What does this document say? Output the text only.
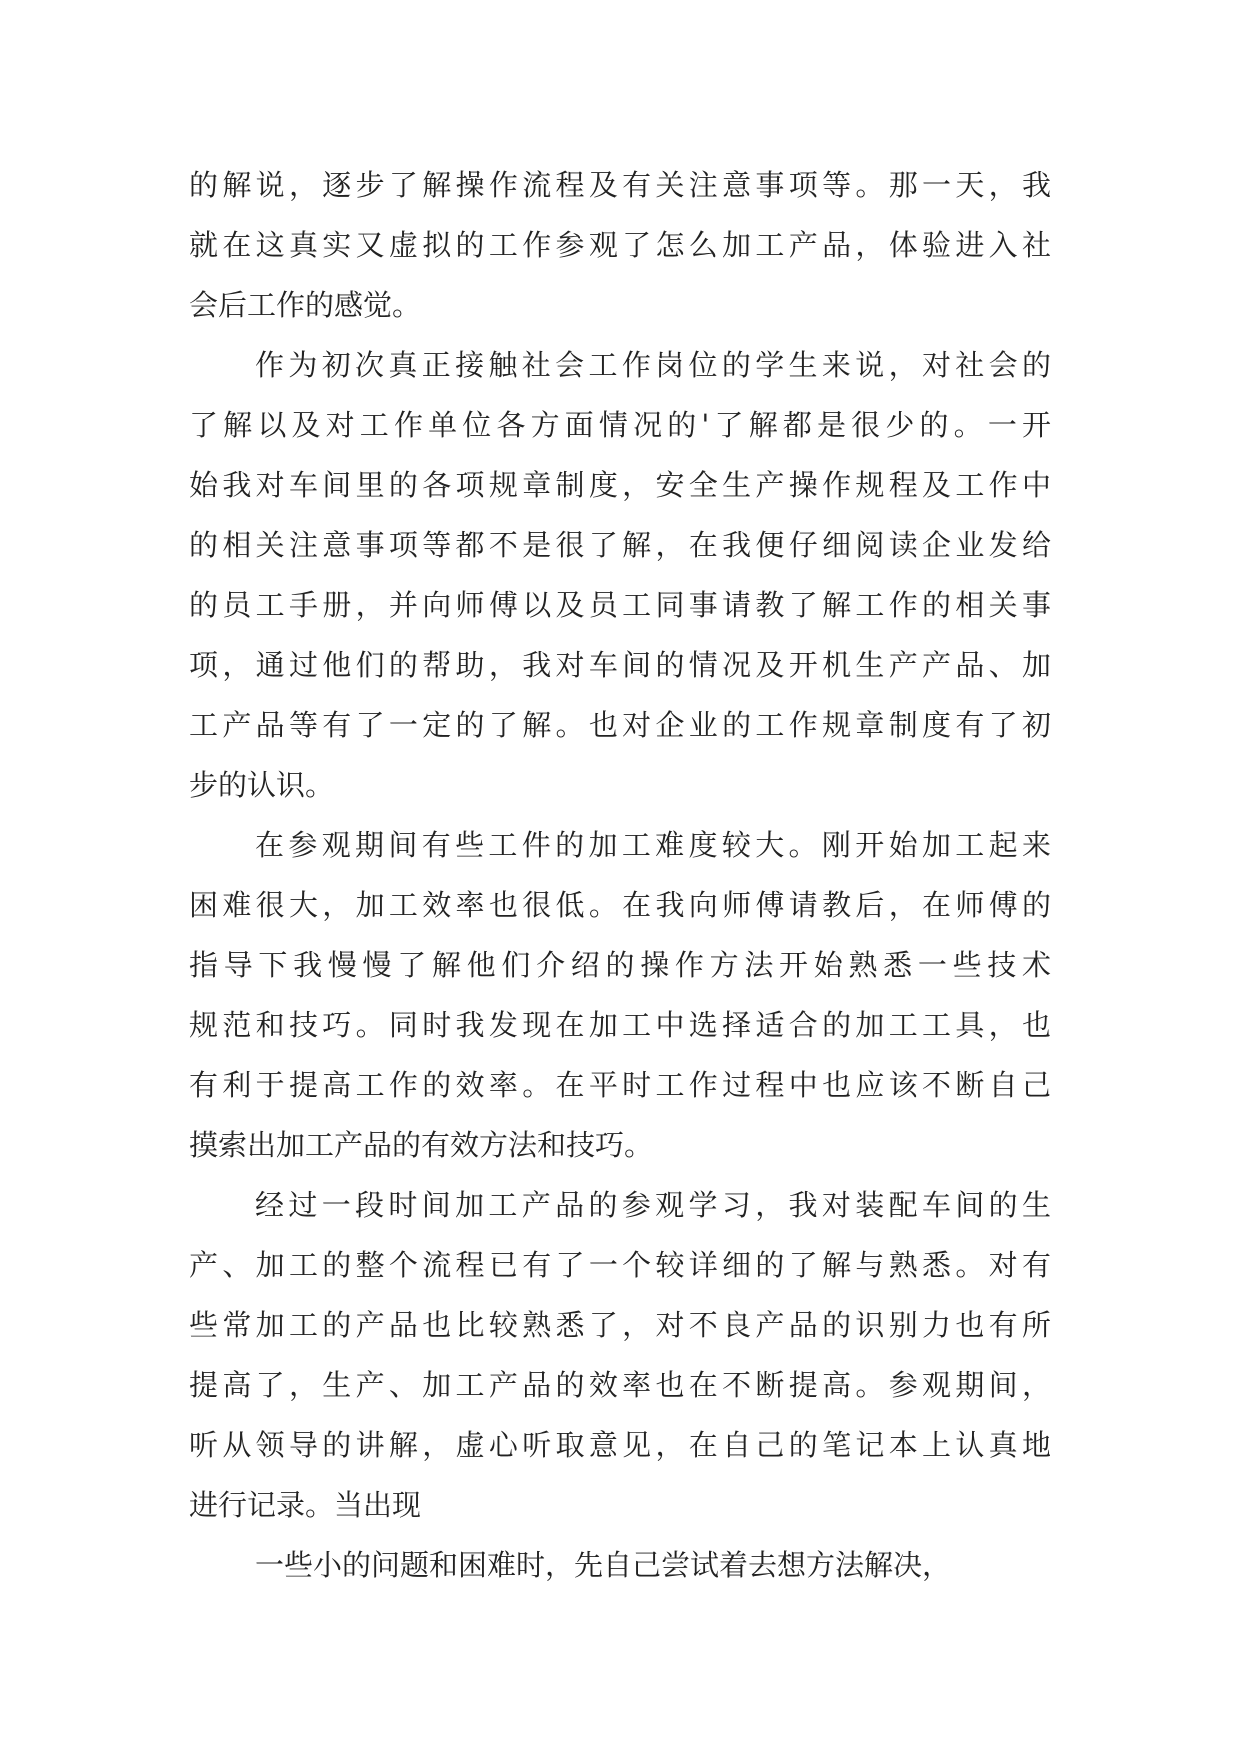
的解说，逐步了解操作流程及有关注意事项等。那一天，我
就在这真实又虚拟的工作参观了怎么加工产品，体验进入社
会后工作的感觉。
作为初次真正接触社会工作岗位的学生来说，对社会的
了解以及对工作单位各方面情况的'了解都是很少的。一开
始我对车间里的各项规章制度，安全生产操作规程及工作中
的相关注意事项等都不是很了解，在我便仔细阅读企业发给
的员工手册，并向师傅以及员工同事请教了解工作的相关事
项，通过他们的帮助，我对车间的情况及开机生产产品、加
工产品等有了一定的了解。也对企业的工作规章制度有了初
步的认识。
在参观期间有些工件的加工难度较大。刚开始加工起来
困难很大，加工效率也很低。在我向师傅请教后，在师傅的
指导下我慢慢了解他们介绍的操作方法开始熟悉一些技术
规范和技巧。同时我发现在加工中选择适合的加工工具，也
有利于提高工作的效率。在平时工作过程中也应该不断自己
摸索出加工产品的有效方法和技巧。
经过一段时间加工产品的参观学习，我对装配车间的生
产、加工的整个流程已有了一个较详细的了解与熟悉。对有
些常加工的产品也比较熟悉了，对不良产品的识别力也有所
提高了，生产、加工产品的效率也在不断提高。参观期间，
听从领导的讲解，虚心听取意见，在自己的笔记本上认真地
进行记录。当出现
一些小的问题和困难时，先自己尝试着去想方法解决，
